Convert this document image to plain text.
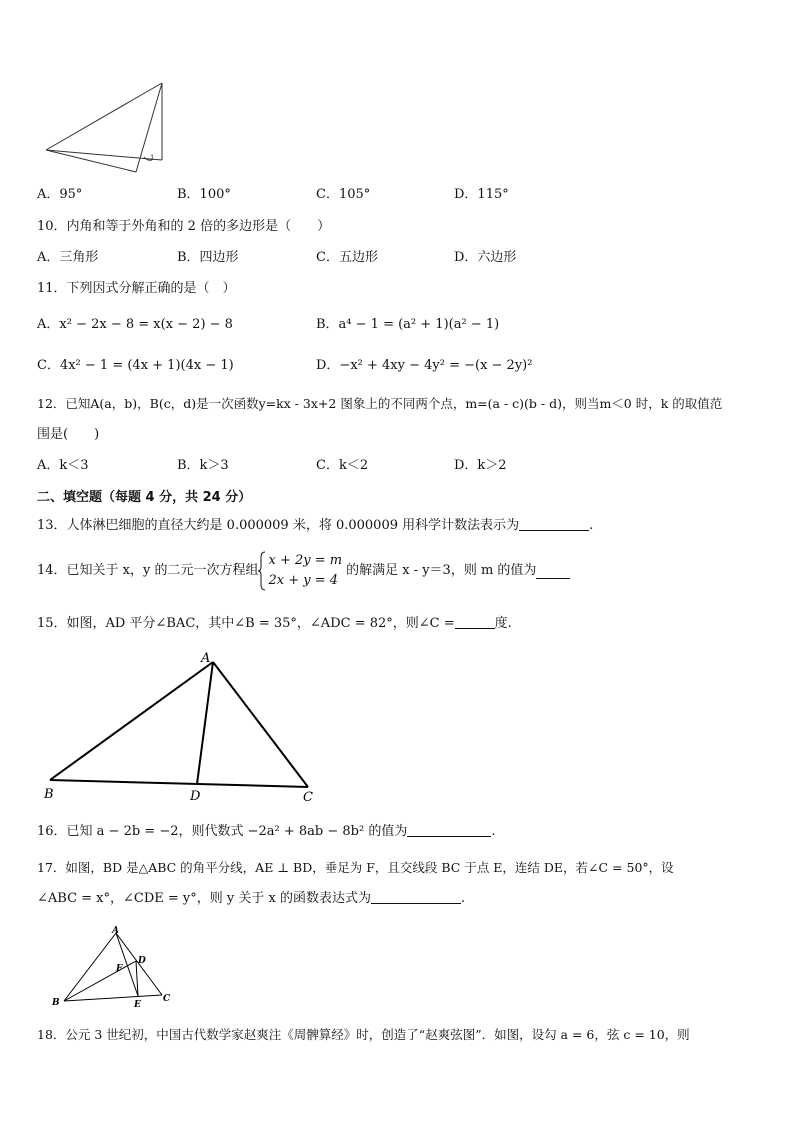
1
A．95°	B．100°	C．105°	D．115°
10．内角和等于外角和的 2 倍的多边形是（　　）
A．三角形	B．四边形	C．五边形	D．六边形
11．下列因式分解正确的是（　）
A．x² − 2x − 8 = x(x − 2) − 8	B．a⁴ − 1 = (a² + 1)(a² − 1)
C．4x² − 1 = (4x + 1)(4x − 1)	D．−x² + 4xy − 4y² = −(x − 2y)²
12．已知A(a，b)，B(c，d)是一次函数y=kx - 3x+2 图象上的不同两个点，m=(a - c)(b - d)，则当m＜0 时，k 的取值范
围是(　　)
A．k＜3	B．k＞3	C．k＜2	D．k＞2
二、填空题（每题 4 分，共 24 分）
13．人体淋巴细胞的直径大约是 0.000009 米，将 0.000009 用科学计数法表示为	.
14．已知关于 x，y 的二元一次方程组
x + 2y = m
2x + y = 4
的解满足 x - y＝3，则 m 的值为
15．如图，AD 平分∠BAC，其中∠B = 35°，∠ADC = 82°，则∠C =	度.
A
B	D	C
16．已知 a − 2b = −2，则代数式 −2a² + 8ab − 8b² 的值为	.
17．如图，BD 是△ABC 的角平分线，AE ⊥ BD，垂足为 F，且交线段 BC 于点 E，连结 DE，若∠C = 50°，设
∠ABC = x°，∠CDE = y°，则 y 关于 x 的函数表达式为	.
A
D
F
B	E
C
18．公元 3 世纪初，中国古代数学家赵爽注《周髀算经》时，创造了“赵爽弦图”．如图，设勾 a = 6，弦 c = 10，则
